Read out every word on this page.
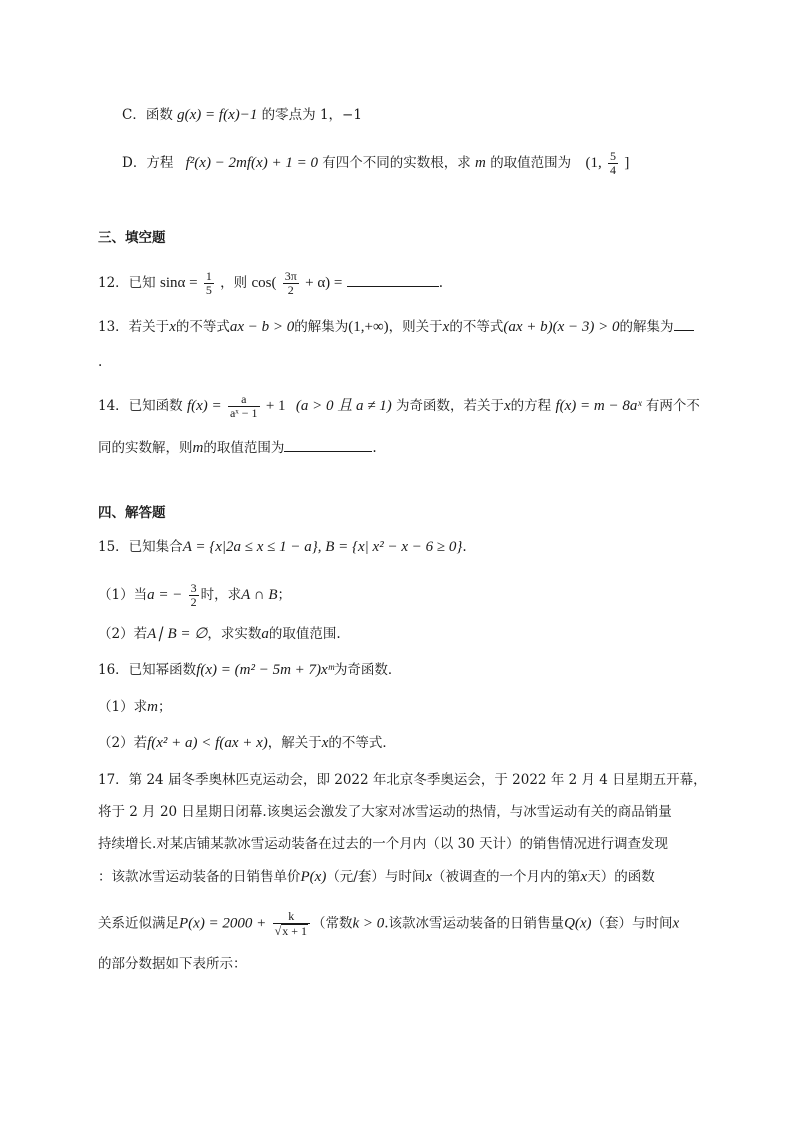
C．函数 g(x) = f(x)−1 的零点为 1，−1
D．方程 f²(x) − 2mf(x) + 1 = 0 有四个不同的实数根，求 m 的取值范围为 (1, $\frac{5}{4}$ ]
三、填空题
12．已知 $\sin\alpha = \frac{1}{5}$ ，则 $\cos( \frac{3\pi}{2} + \alpha)$ =	.
13．若关于x的不等式ax − b > 0的解集为(1,+∞)，则关于x的不等式(ax + b)(x − 3) > 0的解集为
.
14．已知函数 $f(x) = \frac{a}{\text{aˣ − 1}} + 1$ (a > 0 且 a ≠ 1) 为奇函数，若关于x的方程 f(x) = m − 8aˣ 有两个不
同的实数解，则m的取值范围为	.
四、解答题
15．已知集合A = {x|2a ≤ x ≤ 1 − a}, B = {x| x² − x − 6 ≥ 0}.
（1）当a = − $\frac{3}{2}$ 时，求A ∩ B；
（2）若A∣ B = ∅，求实数a的取值范围.
16．已知幂函数f(x) = (m² − 5m + 7)xᵐ为奇函数．
（1）求m；
（2）若f(x² + a) < f(ax + x)，解关于x的不等式．
17．第 24 届冬季奥林匹克运动会，即 2022 年北京冬季奥运会，于 2022 年 2 月 4 日星期五开幕，
将于 2 月 20 日星期日闭幕.该奥运会激发了大家对冰雪运动的热情，与冰雪运动有关的商品销量
持续增长.对某店铺某款冰雪运动装备在过去的一个月内（以 30 天计）的销售情况进行调查发现
：该款冰雪运动装备的日销售单价P(x)（元/套）与时间x（被调查的一个月内的第x天）的函数
关系近似满足$P(x) = 2000 + \frac{k}{√x + 1}$ （常数k > 0.该款冰雪运动装备的日销售量Q(x)（套）与时间x
的部分数据如下表所示：
